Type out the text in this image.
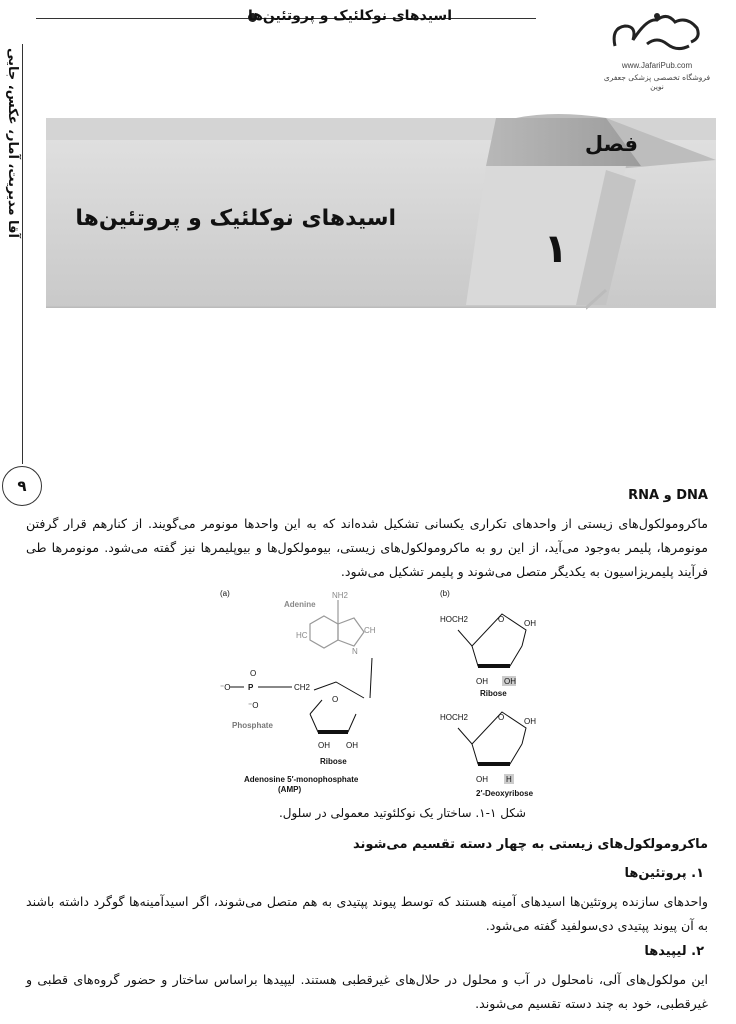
اسیدهای نوکلئیک و پروتئین‌ها
آقا مدیریت، آمار، عکس، جایی
۹
www.JafariPub.com
فروشگاه تخصصی پزشکی جعفری نوین
فصل
اسیدهای نوکلئیک و پروتئین‌ها
۱
DNA و RNA
ماکرومولکول‌های زیستی از واحدهای تکراری یکسانی تشکیل شده‌اند که به این واحدها مونومر می‌گویند. از کنارهم قرار گرفتن مونومرها، پلیمر به‌وجود می‌آید، از این رو به ماکرومولکول‌های زیستی، بیومولکول‌ها و بیوپلیمرها نیز گفته می‌شود. مونومرها طی فرآیند پلیمریزاسیون به یکدیگر متصل می‌شوند و پلیمر تشکیل می‌شود.
(a)	(b)
Adenine
NH2
CH
HC
N
⁻O P
O
⁻O
Phosphate
CH2
O
OH OH
Ribose
Adenosine 5′-monophosphate
(AMP)
HOCH2	O OH
OH OH
Ribose
HOCH2	O OH
OH H
2′-Deoxyribose
شکل ۱-۱. ساختار یک نوکلئوتید معمولی در سلول.
ماکرومولکول‌های زیستی به چهار دسته تقسیم می‌شوند
۱. پروتئین‌ها
واحدهای سازنده پروتئین‌ها اسیدهای آمینه هستند که توسط پیوند پپتیدی به هم متصل می‌شوند، اگر اسیدآمینه‌ها گوگرد داشته باشند به آن پیوند پپتیدی دی‌سولفید گفته می‌شود.
۲. لیپیدها
این مولکول‌های آلی، نامحلول در آب و محلول در حلال‌های غیرقطبی هستند. لیپیدها براساس ساختار و حضور گروه‌های قطبی و غیرقطبی، خود به چند دسته تقسیم می‌شوند.
